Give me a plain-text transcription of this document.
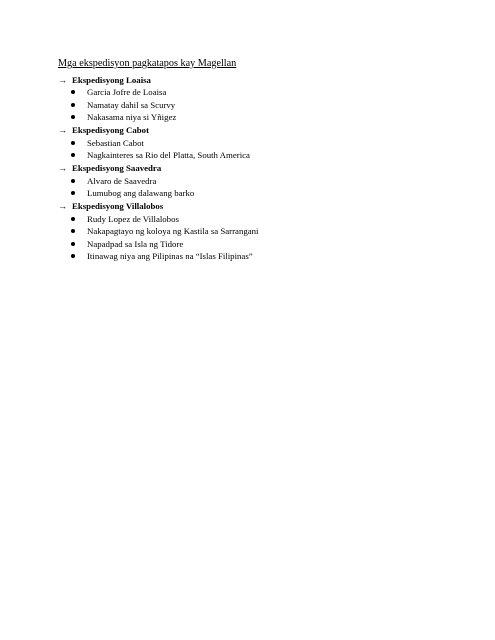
Mga ekspedisyon pagkatapos kay Magellan
→ Ekspedisyong Loaisa
Garcia Jofre de Loaisa
Namatay dahil sa Scurvy
Nakasama niya si Yñigez
→ Ekspedisyong Cabot
Sebastian Cabot
Nagkainteres sa Rio del Platta, South America
→ Ekspedisyong Saavedra
Alvaro de Saavedra
Lumubog ang dalawang barko
→ Ekspedisyong Villalobos
Rudy Lopez de Villalobos
Nakapagtayo ng koloya ng Kastila sa Sarrangani
Napadpad sa Isla ng Tidore
Itinawag niya ang Pilipinas na “Islas Filipinas”
